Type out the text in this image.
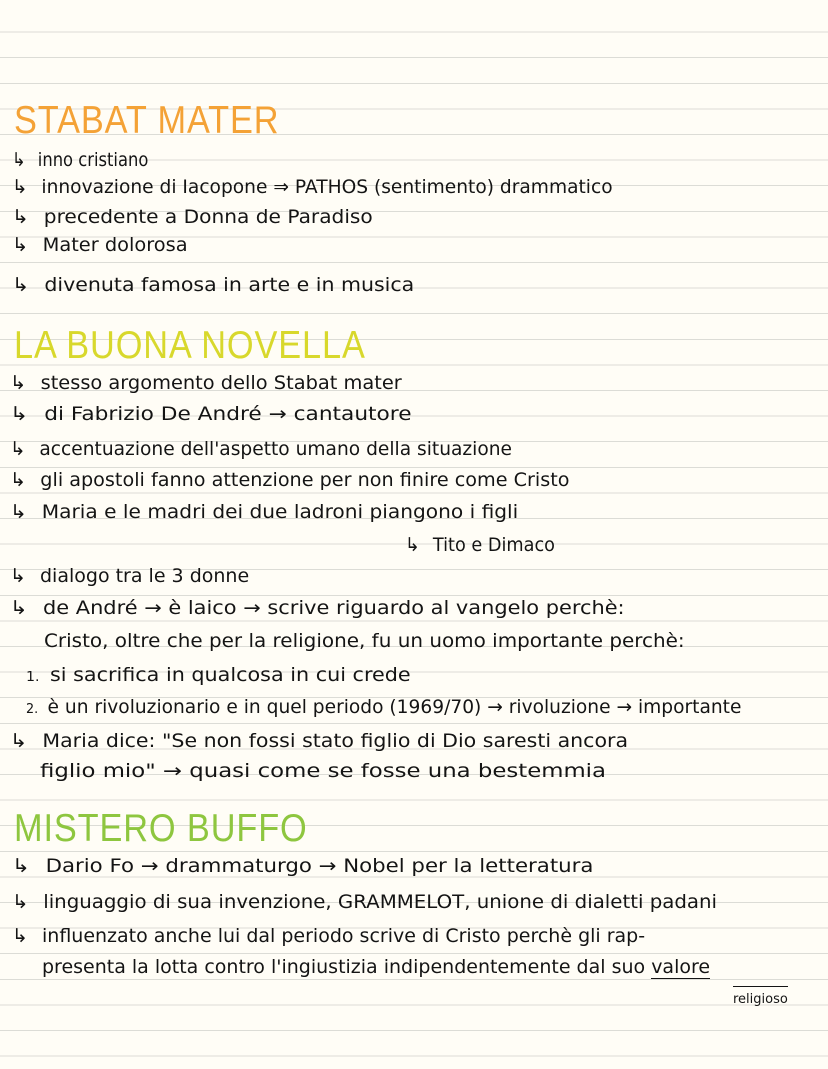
STABAT MATER
↳ inno cristiano
↳ innovazione di Iacopone ⇒ PATHOS (sentimento) drammatico
↳ precedente a Donna de Paradiso
↳ Mater dolorosa
↳ divenuta famosa in arte e in musica
LA BUONA NOVELLA
↳ stesso argomento dello Stabat mater
↳ di Fabrizio De André → cantautore
↳ accentuazione dell'aspetto umano della situazione
↳ gli apostoli fanno attenzione per non finire come Cristo
↳ Maria e le madri dei due ladroni piangono i figli
↳ Tito e Dimaco
↳ dialogo tra le 3 donne
↳ de André → è laico → scrive riguardo al vangelo perchè:
Cristo, oltre che per la religione, fu un uomo importante perchè:
1. si sacrifica in qualcosa in cui crede
2. è un rivoluzionario e in quel periodo (1969/70) → rivoluzione → importante
↳ Maria dice: "Se non fossi stato figlio di Dio saresti ancora
figlio mio" → quasi come se fosse una bestemmia
MISTERO BUFFO
↳ Dario Fo → drammaturgo → Nobel per la letteratura
↳ linguaggio di sua invenzione, GRAMMELOT, unione di dialetti padani
↳ influenzato anche lui dal periodo scrive di Cristo perchè gli rap-
presenta la lotta contro l'ingiustizia indipendentemente dal suo valore
religioso
